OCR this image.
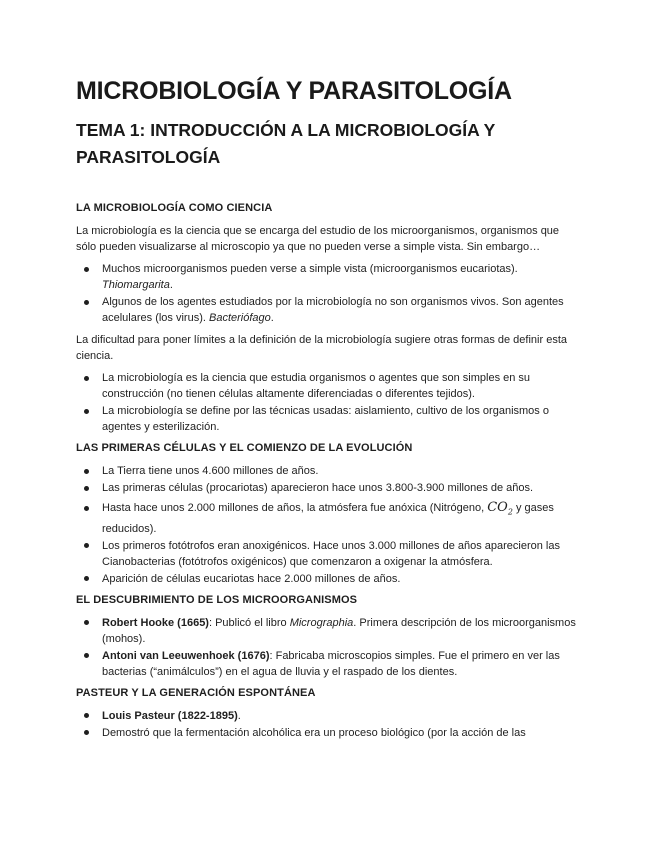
MICROBIOLOGÍA Y PARASITOLOGÍA
TEMA 1: INTRODUCCIÓN A LA MICROBIOLOGÍA Y PARASITOLOGÍA
LA MICROBIOLOGÍA COMO CIENCIA

La microbiología es la ciencia que se encarga del estudio de los microorganismos, organismos que sólo pueden visualizarse al microscopio ya que no pueden verse a simple vista. Sin embargo…

Muchos microorganismos pueden verse a simple vista (microorganismos eucariotas). Thiomargarita.
Algunos de los agentes estudiados por la microbiología no son organismos vivos. Son agentes acelulares (los virus). Bacteriófago.

La dificultad para poner límites a la definición de la microbiología sugiere otras formas de definir esta ciencia.

La microbiología es la ciencia que estudia organismos o agentes que son simples en su construcción (no tienen células altamente diferenciadas o diferentes tejidos).
La microbiología se define por las técnicas usadas: aislamiento, cultivo de los organismos o agentes y esterilización.
LAS PRIMERAS CÉLULAS Y EL COMIENZO DE LA EVOLUCIÓN
La Tierra tiene unos 4.600 millones de años.
Las primeras células (procariotas) aparecieron hace unos 3.800-3.900 millones de años.
Hasta hace unos 2.000 millones de años, la atmósfera fue anóxica (Nitrógeno, $CO_2$ y gases reducidos).
Los primeros fotótrofos eran anoxigénicos. Hace unos 3.000 millones de años aparecieron las Cianobacterias (fotótrofos oxigénicos) que comenzaron a oxigenar la atmósfera.
Aparición de células eucariotas hace 2.000 millones de años.
EL DESCUBRIMIENTO DE LOS MICROORGANISMOS
Robert Hooke (1665): Publicó el libro Micrographia. Primera descripción de los microorganismos (mohos).
Antoni van Leeuwenhoek (1676): Fabricaba microscopios simples. Fue el primero en ver las bacterias (“animálculos”) en el agua de lluvia y el raspado de los dientes.
PASTEUR Y LA GENERACIÓN ESPONTÁNEA
Louis Pasteur (1822-1895).
Demostró que la fermentación alcohólica era un proceso biológico (por la acción de las
